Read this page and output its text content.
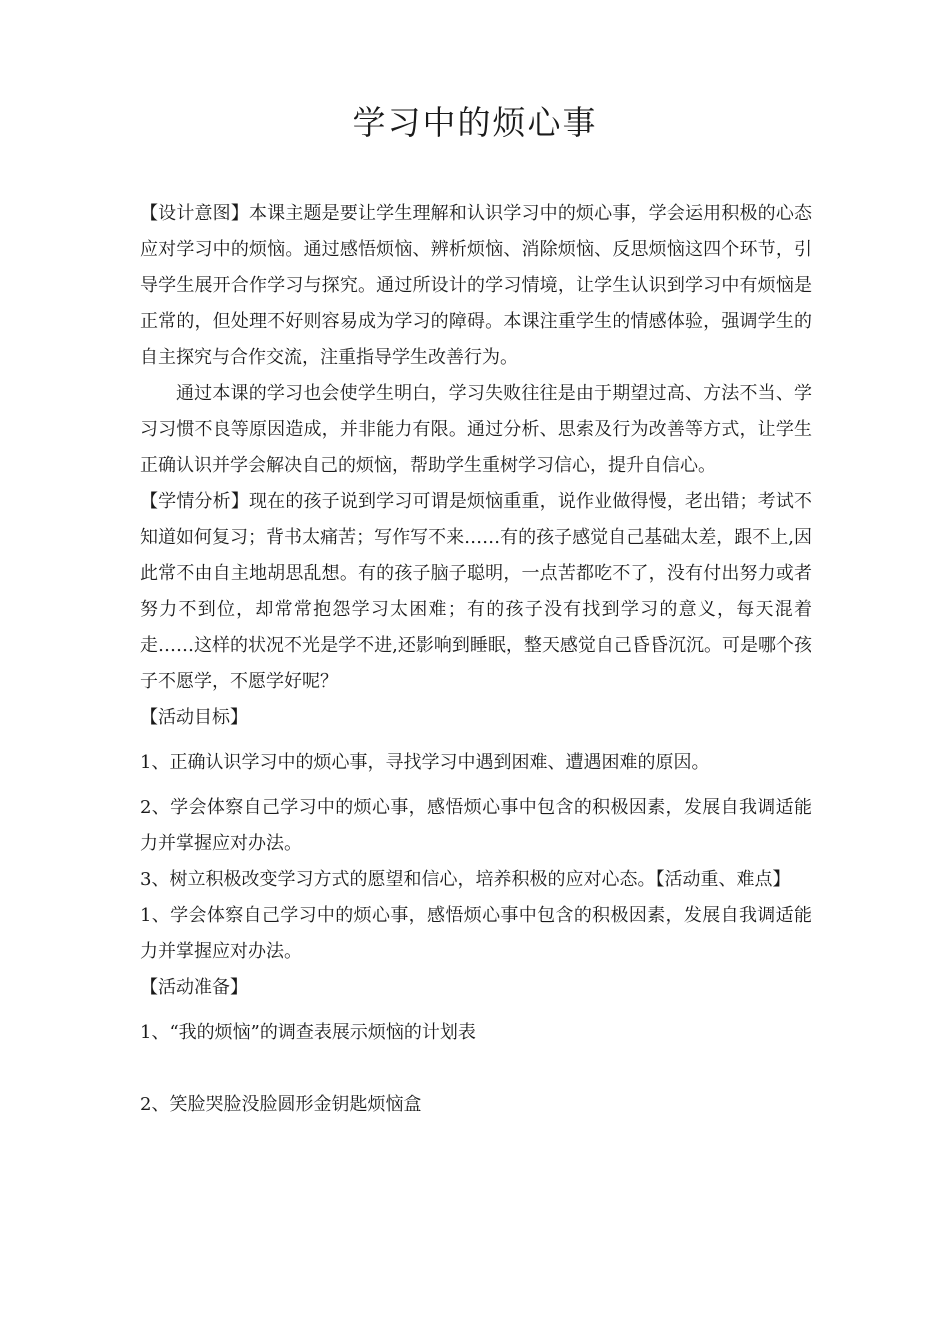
学习中的烦心事

【设计意图】本课主题是要让学生理解和认识学习中的烦心事，学会运用积极的心态应对学习中的烦恼。通过感悟烦恼、辨析烦恼、消除烦恼、反思烦恼这四个环节，引导学生展开合作学习与探究。通过所设计的学习情境，让学生认识到学习中有烦恼是正常的，但处理不好则容易成为学习的障碍。本课注重学生的情感体验，强调学生的自主探究与合作交流，注重指导学生改善行为。

通过本课的学习也会使学生明白，学习失败往往是由于期望过高、方法不当、学习习惯不良等原因造成，并非能力有限。通过分析、思索及行为改善等方式，让学生正确认识并学会解决自己的烦恼，帮助学生重树学习信心，提升自信心。

【学情分析】现在的孩子说到学习可谓是烦恼重重，说作业做得慢，老出错；考试不知道如何复习；背书太痛苦；写作写不来……有的孩子感觉自己基础太差，跟不上,因此常不由自主地胡思乱想。有的孩子脑子聪明，一点苦都吃不了，没有付出努力或者努力不到位，却常常抱怨学习太困难；有的孩子没有找到学习的意义，每天混着走……这样的状况不光是学不进,还影响到睡眠，整天感觉自己昏昏沉沉。可是哪个孩子不愿学，不愿学好呢？

【活动目标】

1、正确认识学习中的烦心事，寻找学习中遇到困难、遭遇困难的原因。

2、学会体察自己学习中的烦心事，感悟烦心事中包含的积极因素，发展自我调适能力并掌握应对办法。

3、树立积极改变学习方式的愿望和信心，培养积极的应对心态。【活动重、难点】

1、学会体察自己学习中的烦心事，感悟烦心事中包含的积极因素，发展自我调适能力并掌握应对办法。

【活动准备】

1、“我的烦恼”的调查表展示烦恼的计划表

2、笑脸哭脸没脸圆形金钥匙烦恼盒
